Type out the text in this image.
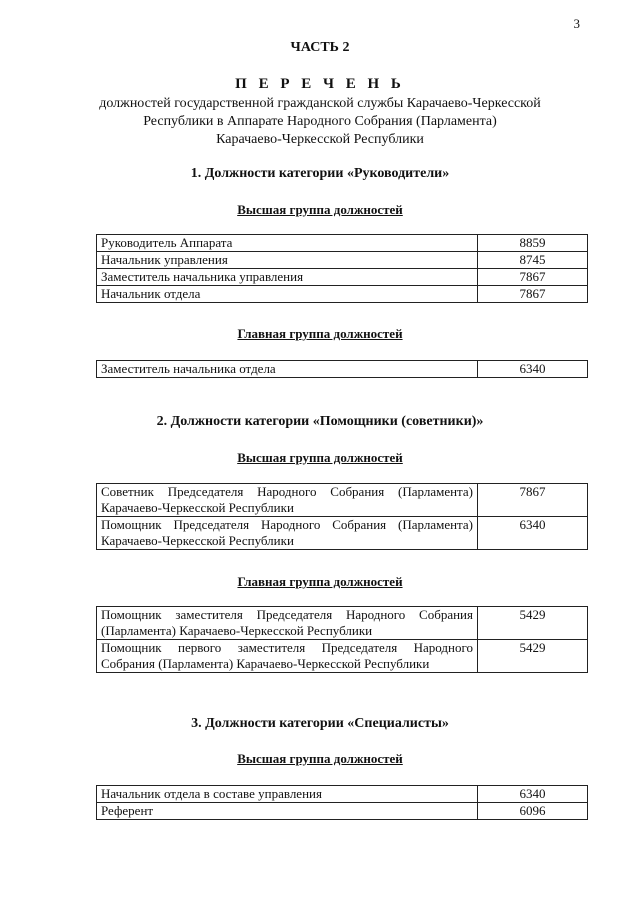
3
ЧАСТЬ 2
П Е Р Е Ч Е Н Ь
должностей государственной гражданской службы Карачаево-Черкесской
Республики в Аппарате Народного Собрания (Парламента)
Карачаево-Черкесской Республики
1. Должности категории «Руководители»
Высшая группа должностей
Руководитель Аппарата	8859
Начальник управления	8745
Заместитель начальника управления	7867
Начальник отдела	7867
Главная группа должностей
Заместитель начальника отдела	6340
2. Должности категории «Помощники (советники)»
Высшая группа должностей
Советник Председателя Народного Собрания (Парламента) Карачаево-Черкесской Республики	7867
Помощник Председателя Народного Собрания (Парламента) Карачаево-Черкесской Республики	6340
Главная группа должностей
Помощник заместителя Председателя Народного Собрания (Парламента) Карачаево-Черкесской Республики	5429
Помощник первого заместителя Председателя Народного Собрания (Парламента) Карачаево-Черкесской Республики	5429
3. Должности категории «Специалисты»
Высшая группа должностей
Начальник отдела в составе управления	6340
Референт	6096
